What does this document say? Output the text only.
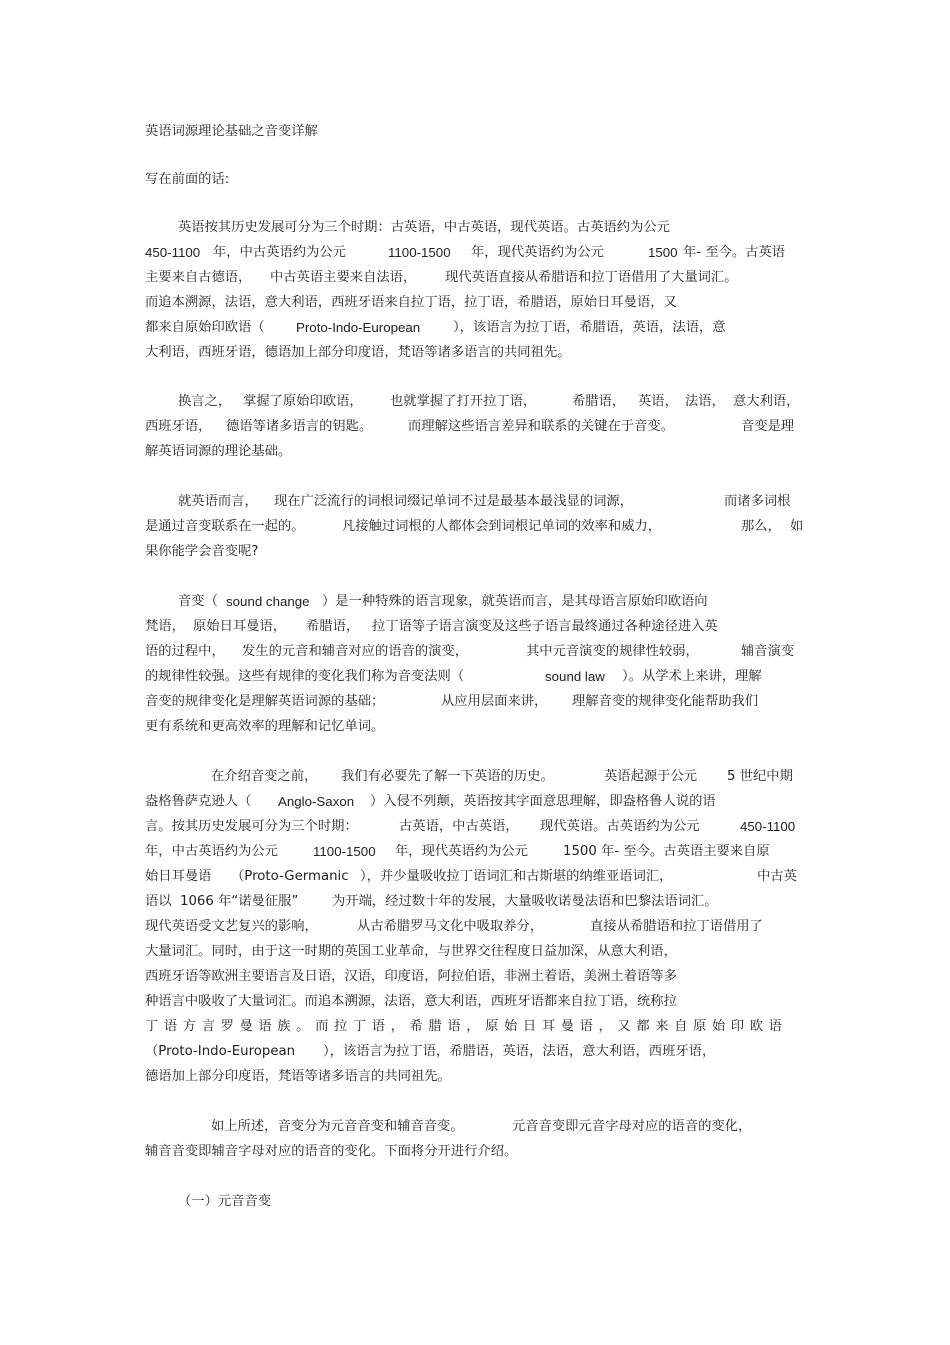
英语词源理论基础之音变详解

写在前面的话:

英语按其历史发展可分为三个时期：古英语，中古英语，现代英语。古英语约为公元

450-1100 年，中古英语约为公元	1100-1500 年，现代英语约为公元	1500 年- 至今。古英语

主要来自古德语， 中古英语主要来自法语， 现代英语直接从希腊语和拉丁语借用了大量词汇。

而追本溯源，法语，意大利语，西班牙语来自拉丁语，拉丁语，希腊语，原始日耳曼语，又

都来自原始印欧语（ Proto-Indo-European ），该语言为拉丁语，希腊语，英语，法语，意

大利语，西班牙语，德语加上部分印度语，梵语等诸多语言的共同祖先。

换言之， 掌握了原始印欧语， 也就掌握了打开拉丁语，	希腊语， 英语， 法语， 意大利语，

西班牙语， 德语等诸多语言的钥匙。	而理解这些语言差异和联系的关键在于音变。	音变是理

解英语词源的理论基础。

就英语而言， 现在广泛流行的词根词缀记单词不过是最基本最浅显的词源，	而诸多词根

是通过音变联系在一起的。	凡接触过词根的人都体会到词根记单词的效率和威力，	那么， 如

果你能学会音变呢?

音变（ sound change ）是一种特殊的语言现象，就英语而言，是其母语言原始印欧语向

梵语， 原始日耳曼语， 希腊语， 拉丁语等子语言演变及这些子语言最终通过各种途径进入英

语的过程中， 发生的元音和辅音对应的语音的演变，	其中元音演变的规律性较弱，	辅音演变

的规律性较强。这些有规律的变化我们称为音变法则（	sound law ）。从学术上来讲，理解

音变的规律变化是理解英语词源的基础；	从应用层面来讲， 理解音变的规律变化能帮助我们

更有系统和更高效率的理解和记忆单词。

在介绍音变之前， 我们有必要先了解一下英语的历史。	英语起源于公元 5 世纪中期

盎格鲁萨克逊人（ Anglo-Saxon ）入侵不列颠，英语按其字面意思理解，即盎格鲁人说的语

言。按其历史发展可分为三个时期：	古英语，中古英语， 现代英语。古英语约为公元	450-1100

年，中古英语约为公元	1100-1500 年，现代英语约为公元	1500 年- 至今。古英语主要来自原

始日耳曼语 （Proto-Germanic ），并少量吸收拉丁语词汇和古斯堪的纳维亚语词汇，	中古英

语以 1066 年“诺曼征服”	为开端，经过数十年的发展，大量吸收诺曼法语和巴黎法语词汇。

现代英语受文艺复兴的影响，	从古希腊罗马文化中吸取养分，	直接从希腊语和拉丁语借用了

大量词汇。同时，由于这一时期的英国工业革命，与世界交往程度日益加深，从意大利语，

西班牙语等欧洲主要语言及日语，汉语，印度语，阿拉伯语，非洲土着语，美洲土着语等多

种语言中吸收了大量词汇。而追本溯源，法语，意大利语，西班牙语都来自拉丁语，统称拉

丁语方言罗曼语族。而拉丁语，希腊语，原始日耳曼语，又都来自原始印欧语

（Proto-Indo-European ），该语言为拉丁语，希腊语，英语，法语，意大利语，西班牙语，

德语加上部分印度语，梵语等诸多语言的共同祖先。

如上所述，音变分为元音音变和辅音音变。	元音音变即元音字母对应的语音的变化，

辅音音变即辅音字母对应的语音的变化。下面将分开进行介绍。

（一）元音音变
